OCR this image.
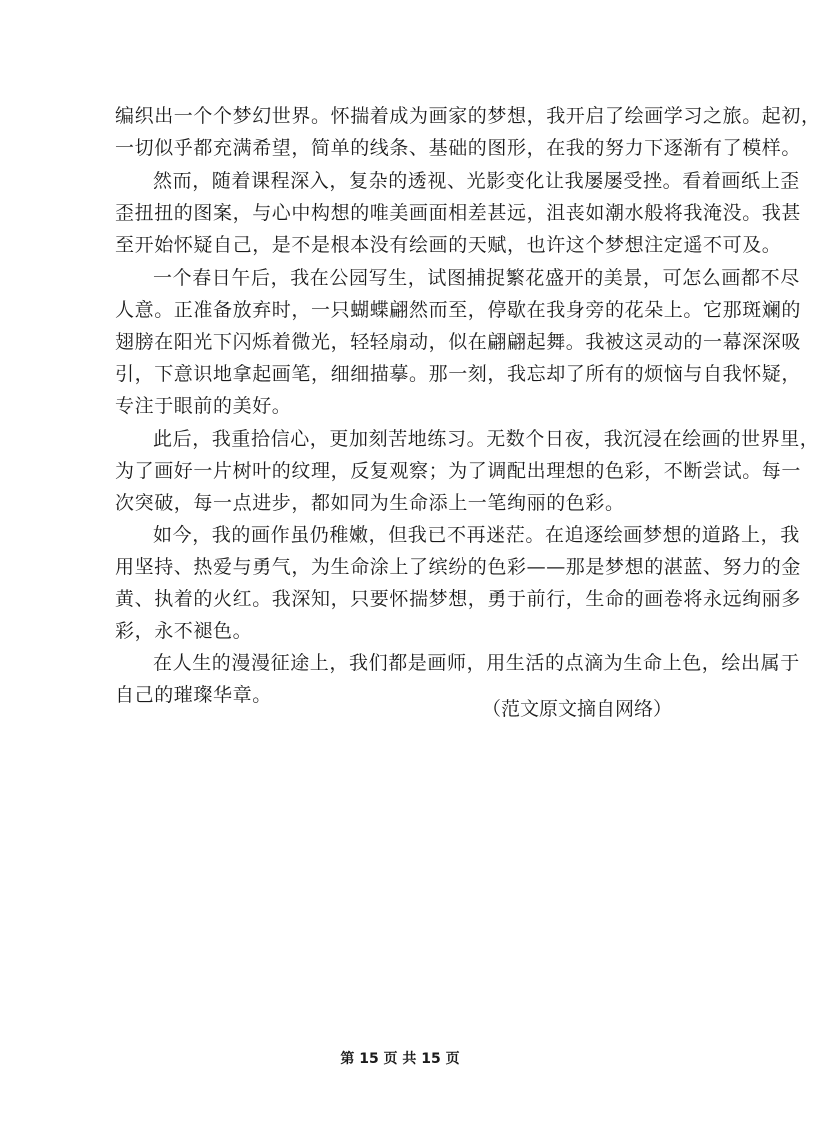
编织出一个个梦幻世界。怀揣着成为画家的梦想，我开启了绘画学习之旅。起初，
一切似乎都充满希望，简单的线条、基础的图形，在我的努力下逐渐有了模样。
然而，随着课程深入，复杂的透视、光影变化让我屡屡受挫。看着画纸上歪
歪扭扭的图案，与心中构想的唯美画面相差甚远，沮丧如潮水般将我淹没。我甚
至开始怀疑自己，是不是根本没有绘画的天赋，也许这个梦想注定遥不可及。
一个春日午后，我在公园写生，试图捕捉繁花盛开的美景，可怎么画都不尽
人意。正准备放弃时，一只蝴蝶翩然而至，停歇在我身旁的花朵上。它那斑斓的
翅膀在阳光下闪烁着微光，轻轻扇动，似在翩翩起舞。我被这灵动的一幕深深吸
引，下意识地拿起画笔，细细描摹。那一刻，我忘却了所有的烦恼与自我怀疑，
专注于眼前的美好。
此后，我重拾信心，更加刻苦地练习。无数个日夜，我沉浸在绘画的世界里，
为了画好一片树叶的纹理，反复观察；为了调配出理想的色彩，不断尝试。每一
次突破，每一点进步，都如同为生命添上一笔绚丽的色彩。
如今，我的画作虽仍稚嫩，但我已不再迷茫。在追逐绘画梦想的道路上，我
用坚持、热爱与勇气，为生命涂上了缤纷的色彩——那是梦想的湛蓝、努力的金
黄、执着的火红。我深知，只要怀揣梦想，勇于前行，生命的画卷将永远绚丽多
彩，永不褪色。
在人生的漫漫征途上，我们都是画师，用生活的点滴为生命上色，绘出属于
自己的璀璨华章。
（范文原文摘自网络）
第 15 页 共 15 页
